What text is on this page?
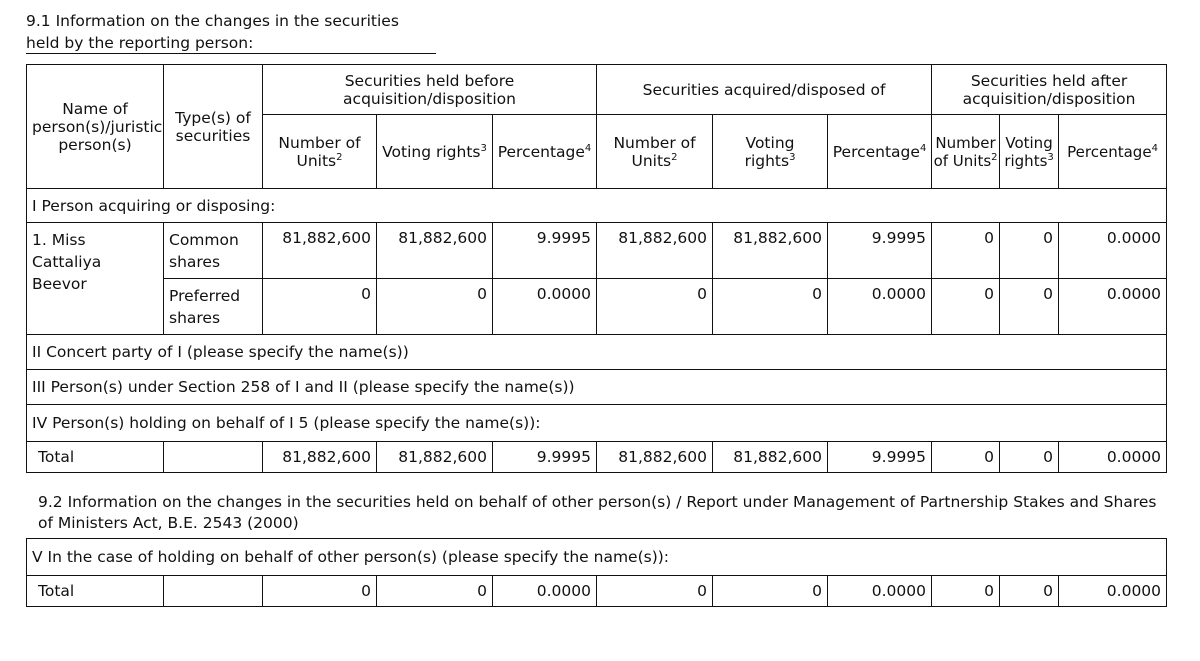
9.1 Information on the changes in the securities
held by the reporting person:
Name of person(s)/juristic person(s)	Type(s) of securities	Securities held before acquisition/disposition			Securities acquired/disposed of			Securities held after acquisition/disposition		
		Number of Units$^2$	Voting rights$^3$	Percentage$^4$	Number of Units$^2$	Voting rights$^3$	Percentage$^4$	Number of Units$^2$	Voting rights$^3$	Percentage$^4$
I Person acquiring or disposing:										
1. Miss Cattaliya Beevor	Common shares	81,882,600	81,882,600	9.9995	81,882,600	81,882,600	9.9995	0	0	0.0000
	Preferred shares	0	0	0.0000	0	0	0.0000	0	0	0.0000
II Concert party of I (please specify the name(s))										
III Person(s) under Section 258 of I and II (please specify the name(s))										
IV Person(s) holding on behalf of I 5 (please specify the name(s)):										
Total		81,882,600	81,882,600	9.9995	81,882,600	81,882,600	9.9995	0	0	0.0000
9.2 Information on the changes in the securities held on behalf of other person(s) / Report under Management of Partnership Stakes and Shares of Ministers Act, B.E. 2543 (2000)
V In the case of holding on behalf of other person(s) (please specify the name(s)):
Total		0	0	0.0000	0	0	0.0000	0	0	0.0000
